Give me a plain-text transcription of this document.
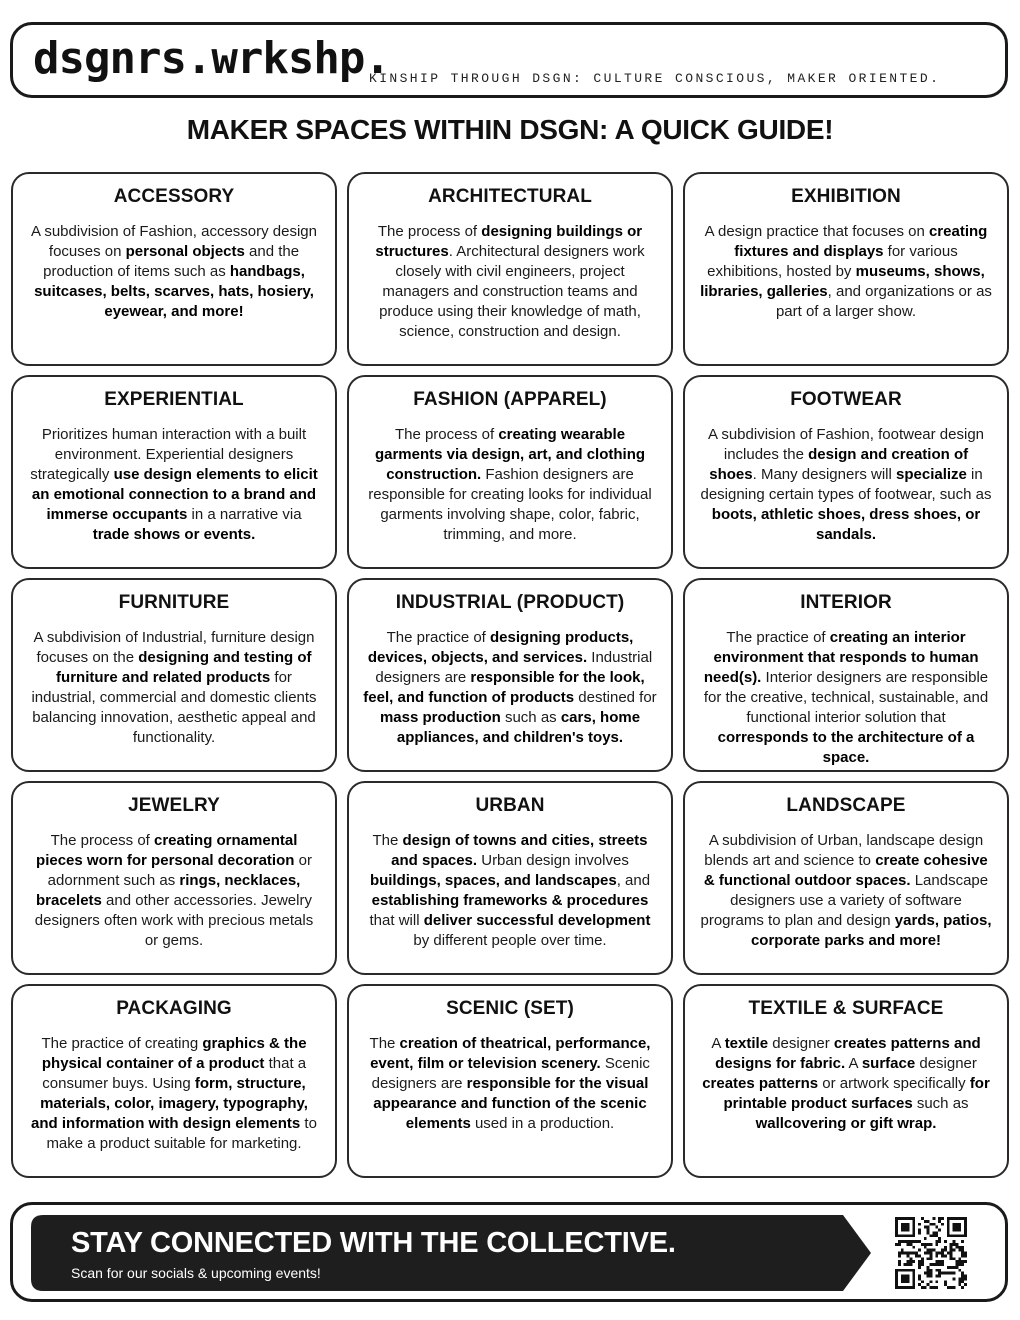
dsgnrs.wrkshp.
KINSHIP THROUGH DSGN: CULTURE CONSCIOUS, MAKER ORIENTED.
MAKER SPACES WITHIN DSGN: A QUICK GUIDE!
ACCESSORY
A subdivision of Fashion, accessory design focuses on personal objects and the production of items such as handbags, suitcases, belts, scarves, hats, hosiery, eyewear, and more!
ARCHITECTURAL
The process of designing buildings or structures. Architectural designers work closely with civil engineers, project managers and construction teams and produce using their knowledge of math, science, construction and design.
EXHIBITION
A design practice that focuses on creating fixtures and displays for various exhibitions, hosted by museums, shows, libraries, galleries, and organizations or as part of a larger show.
EXPERIENTIAL
Prioritizes human interaction with a built environment. Experiential designers strategically use design elements to elicit an emotional connection to a brand and immerse occupants in a narrative via trade shows or events.
FASHION (APPAREL)
The process of creating wearable garments via design, art, and clothing construction. Fashion designers are responsible for creating looks for individual garments involving shape, color, fabric, trimming, and more.
FOOTWEAR
A subdivision of Fashion, footwear design includes the design and creation of shoes. Many designers will specialize in designing certain types of footwear, such as boots, athletic shoes, dress shoes, or sandals.
FURNITURE
A subdivision of Industrial, furniture design focuses on the designing and testing of furniture and related products for industrial, commercial and domestic clients balancing innovation, aesthetic appeal and functionality.
INDUSTRIAL (PRODUCT)
The practice of designing products, devices, objects, and services. Industrial designers are responsible for the look, feel, and function of products destined for mass production such as cars, home appliances, and children's toys.
INTERIOR
The practice of creating an interior environment that responds to human need(s). Interior designers are responsible for the creative, technical, sustainable, and functional interior solution that corresponds to the architecture of a space.
JEWELRY
The process of creating ornamental pieces worn for personal decoration or adornment such as rings, necklaces, bracelets and other accessories. Jewelry designers often work with precious metals or gems.
URBAN
The design of towns and cities, streets and spaces. Urban design involves buildings, spaces, and landscapes, and establishing frameworks & procedures that will deliver successful development by different people over time.
LANDSCAPE
A subdivision of Urban, landscape design blends art and science to create cohesive & functional outdoor spaces. Landscape designers use a variety of software programs to plan and design yards, patios, corporate parks and more!
PACKAGING
The practice of creating graphics & the physical container of a product that a consumer buys. Using form, structure, materials, color, imagery, typography, and information with design elements to make a product suitable for marketing.
SCENIC (SET)
The creation of theatrical, performance, event, film or television scenery. Scenic designers are responsible for the visual appearance and function of the scenic elements used in a production.
TEXTILE & SURFACE
A textile designer creates patterns and designs for fabric. A surface designer creates patterns or artwork specifically for printable product surfaces such as wallcovering or gift wrap.
STAY CONNECTED WITH THE COLLECTIVE.
Scan for our socials & upcoming events!
